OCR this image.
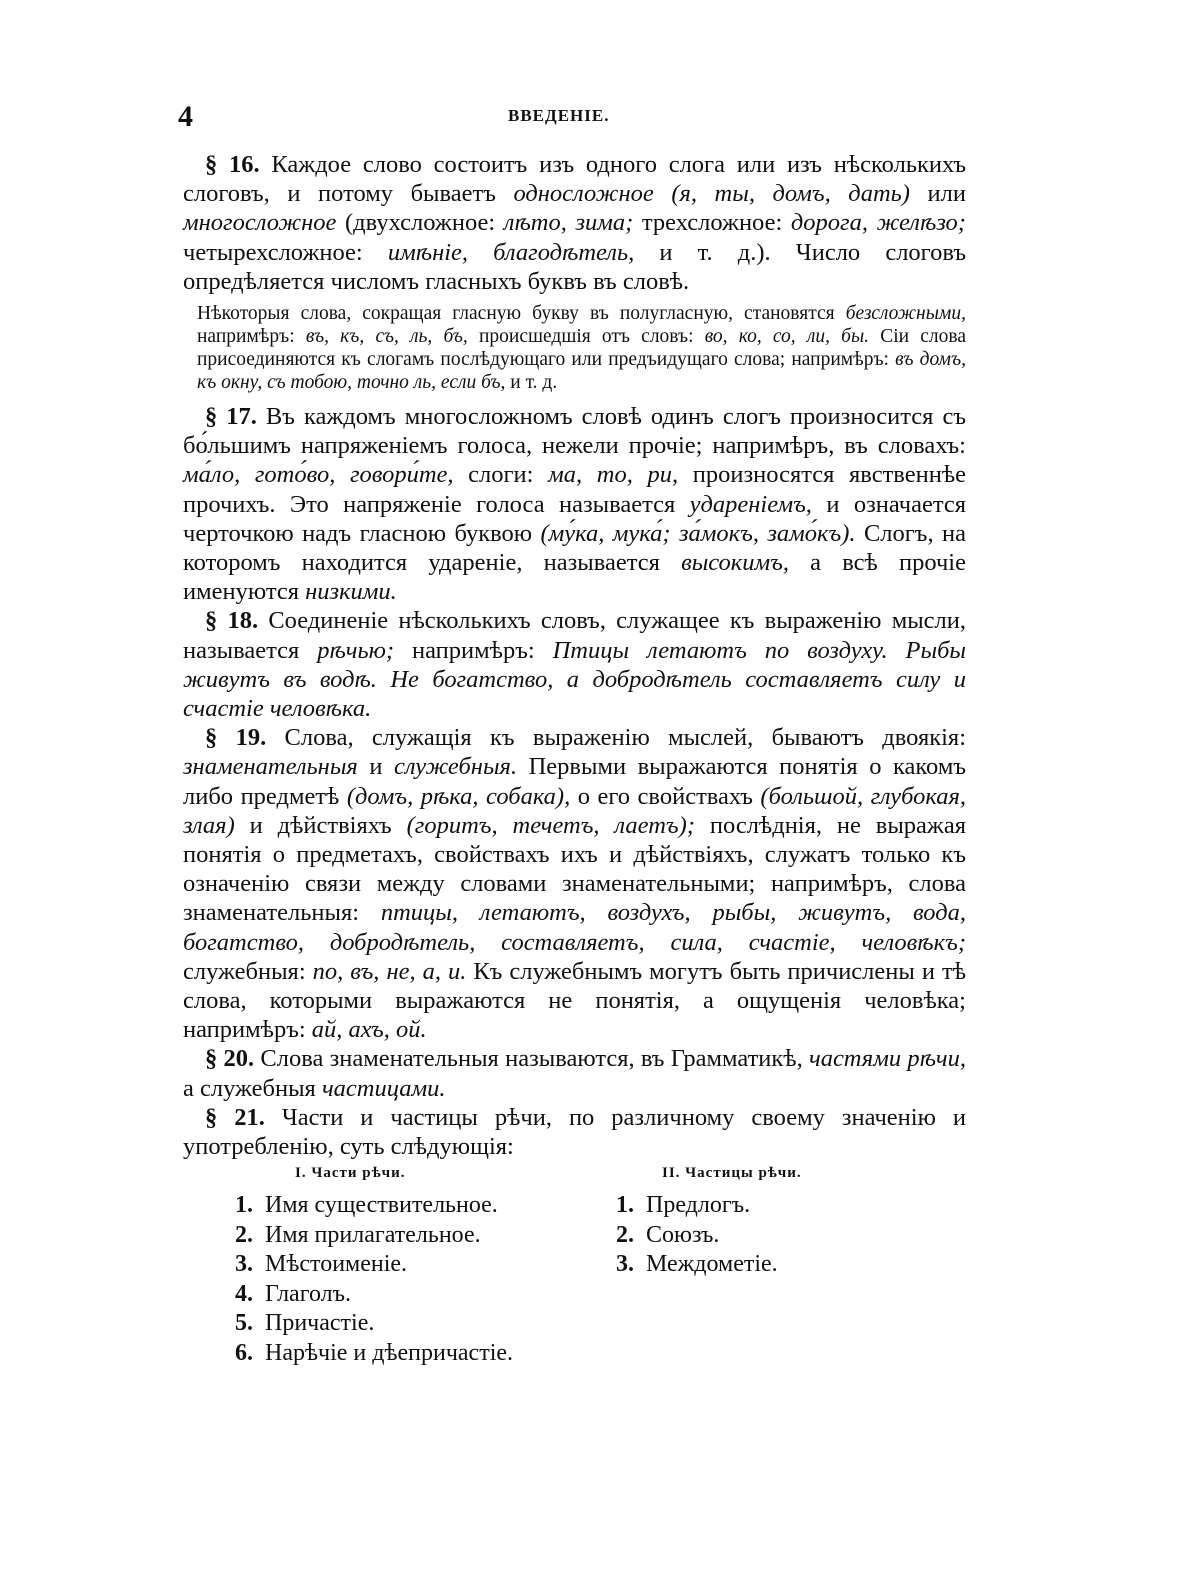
4	ВВЕДЕНІЕ.

§ 16. Каждое слово состоитъ изъ одного слога или изъ нѣсколькихъ слоговъ, и потому бываетъ односложное (я, ты, домъ, дать) или многосложное (двухсложное: лѣто, зима; трехсложное: дорога, желѣзо; четырехсложное: имѣніе, благодѣтель, и т. д.). Число слоговъ опредѣляется числомъ гласныхъ буквъ въ словѣ.

Нѣкоторыя слова, сокращая гласную букву въ полугласную, становятся безсложными, напримѣръ: въ, къ, съ, ль, бъ, происшедшія отъ словъ: во, ко, со, ли, бы. Сіи слова присоединяются къ слогамъ послѣдующаго или предъидущаго слова; напримѣръ: въ домъ, къ окну, съ тобою, точно ль, если бъ, и т. д.

§ 17. Въ каждомъ многосложномъ словѣ одинъ слогъ произносится съ бо́льшимъ напряженіемъ голоса, нежели прочіе; напримѣръ, въ словахъ: ма́ло, гото́во, говори́те, слоги: ма, то, ри, произносятся явственнѣе прочихъ. Это напряженіе голоса называется удареніемъ, и означается черточкою надъ гласною буквою (му́ка, мука́; за́мокъ, замо́къ). Слогъ, на которомъ находится удареніе, называется высокимъ, а всѣ прочіе именуются низкими.

§ 18. Соединеніе нѣсколькихъ словъ, служащее къ выраженію мысли, называется рѣчью; напримѣръ: Птицы летаютъ по воздуху. Рыбы живутъ въ водѣ. Не богатство, а добродѣтель составляетъ силу и счастіе человѣка.

§ 19. Слова, служащія къ выраженію мыслей, бываютъ двоякія: знаменательныя и служебныя. Первыми выражаются понятія о какомъ либо предметѣ (домъ, рѣка, собака), о его свойствахъ (большой, глубокая, злая) и дѣйствіяхъ (горитъ, течетъ, лаетъ); послѣднія, не выражая понятія о предметахъ, свойствахъ ихъ и дѣйствіяхъ, служатъ только къ означенію связи между словами знаменательными; напримѣръ, слова знаменательныя: птицы, летаютъ, воздухъ, рыбы, живутъ, вода, богатство, добродѣтель, составляетъ, сила, счастіе, человѣкъ; служебныя: по, въ, не, а, и. Къ служебнымъ могутъ быть причислены и тѣ слова, которыми выражаются не понятія, а ощущенія человѣка; напримѣръ: ай, ахъ, ой.

§ 20. Слова знаменательныя называются, въ Грамматикѣ, частями рѣчи, а служебныя частицами.

§ 21. Части и частицы рѣчи, по различному своему значенію и употребленію, суть слѣдующія:

I. Части рѣчи.
1. Имя существительное.
2. Имя прилагательное.
3. Мѣстоименіе.
4. Глаголъ.
5. Причастіе.
6. Нарѣчіе и дѣепричастіе.
II. Частицы рѣчи.
1. Предлогъ.
2. Союзъ.
3. Междометіе.
